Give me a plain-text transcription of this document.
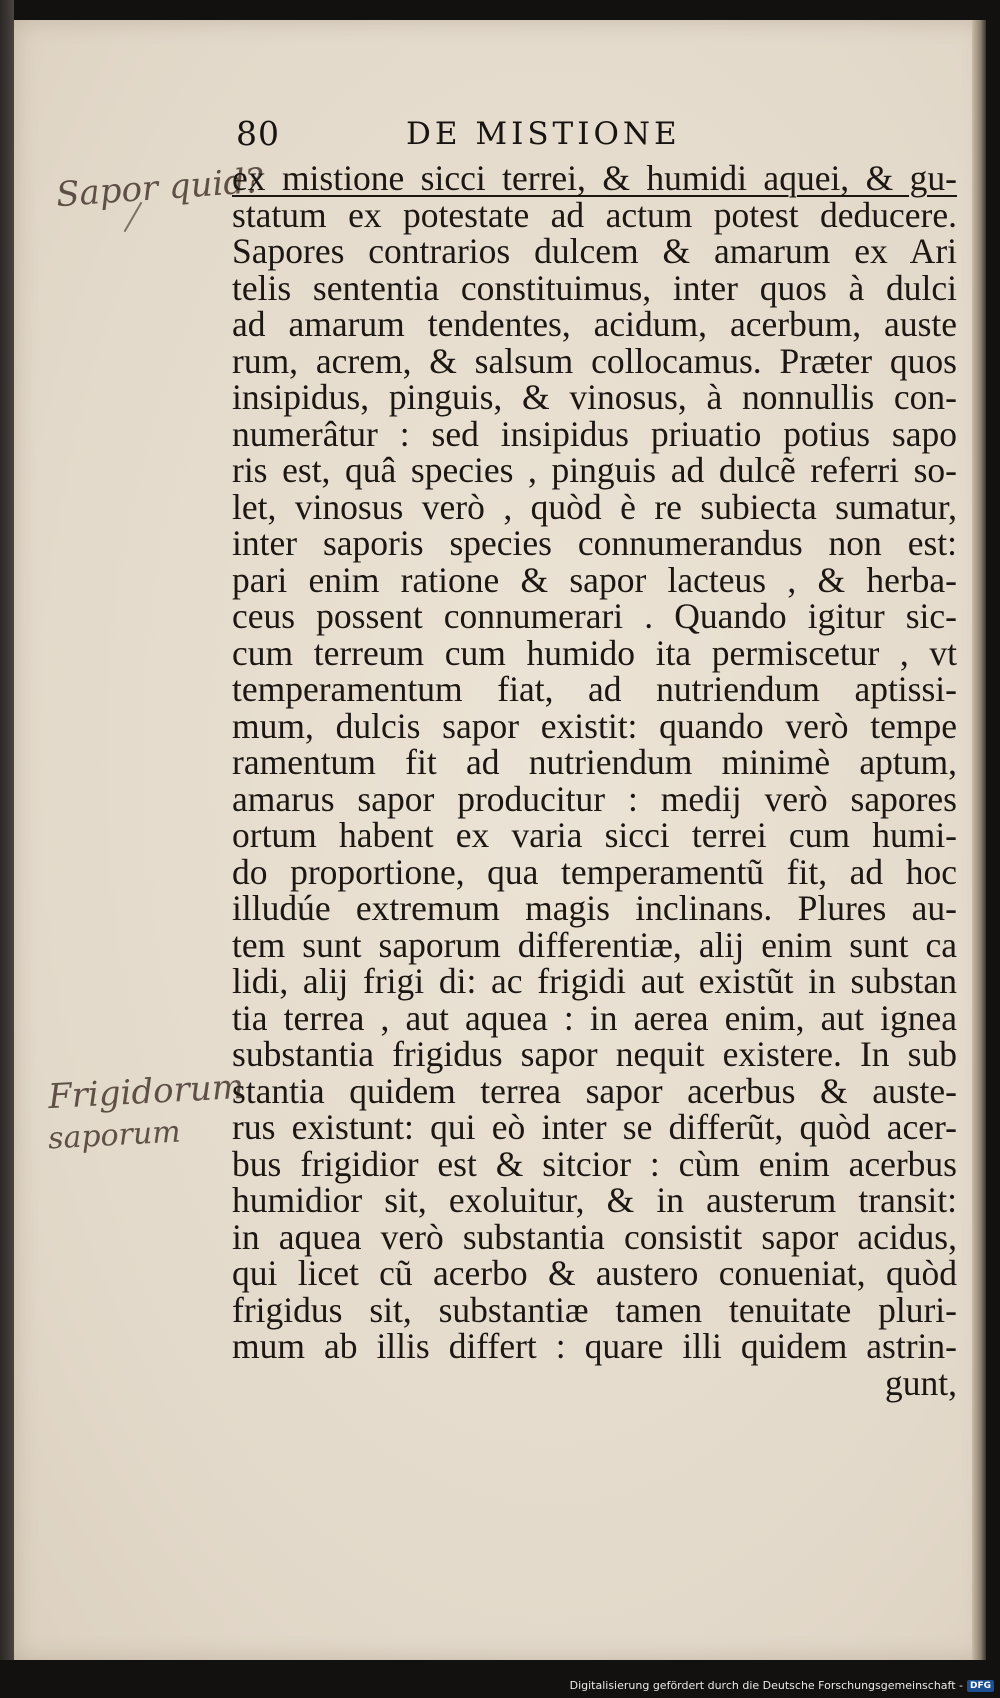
80	DE MISTIONE
Sapor quid?
Frigidorum
saporum
ex mistione sicci terrei, & humidi aquei, & gu-
statum ex potestate ad actum potest deducere.
Sapores contrarios dulcem & amarum ex Ari
telis sententia constituimus, inter quos à dulci
ad amarum tendentes, acidum, acerbum, auste
rum, acrem, & salsum collocamus. Præter quos
insipidus, pinguis, & vinosus, à nonnullis con-
numerâtur : sed insipidus priuatio potius sapo
ris est, quâ species , pinguis ad dulcẽ referri so-
let, vinosus verò , quòd è re subiecta sumatur,
inter saporis species connumerandus non est:
pari enim ratione & sapor lacteus , & herba-
ceus possent connumerari . Quando igitur sic-
cum terreum cum humido ita permiscetur , vt
temperamentum fiat, ad nutriendum aptissi-
mum, dulcis sapor existit: quando verò tempe
ramentum fit ad nutriendum minimè aptum,
amarus sapor producitur : medij verò sapores
ortum habent ex varia sicci terrei cum humi-
do proportione, qua temperamentũ fit, ad hoc
illudúe extremum magis inclinans. Plures au-
tem sunt saporum differentiæ, alij enim sunt ca
lidi, alij frigi di: ac frigidi aut existũt in substan
tia terrea , aut aquea : in aerea enim, aut ignea
substantia frigidus sapor nequit existere. In sub
stantia quidem terrea sapor acerbus & auste-
rus existunt: qui eò inter se differũt, quòd acer-
bus frigidior est & sitcior : cùm enim acerbus
humidior sit, exoluitur, & in austerum transit:
in aquea verò substantia consistit sapor acidus,
qui licet cũ acerbo & austero conueniat, quòd
frigidus sit, substantiæ tamen tenuitate pluri-
mum ab illis differt : quare illi quidem astrin-
gunt,
Digitalisierung gefördert durch die Deutsche Forschungsgemeinschaft - DFG
